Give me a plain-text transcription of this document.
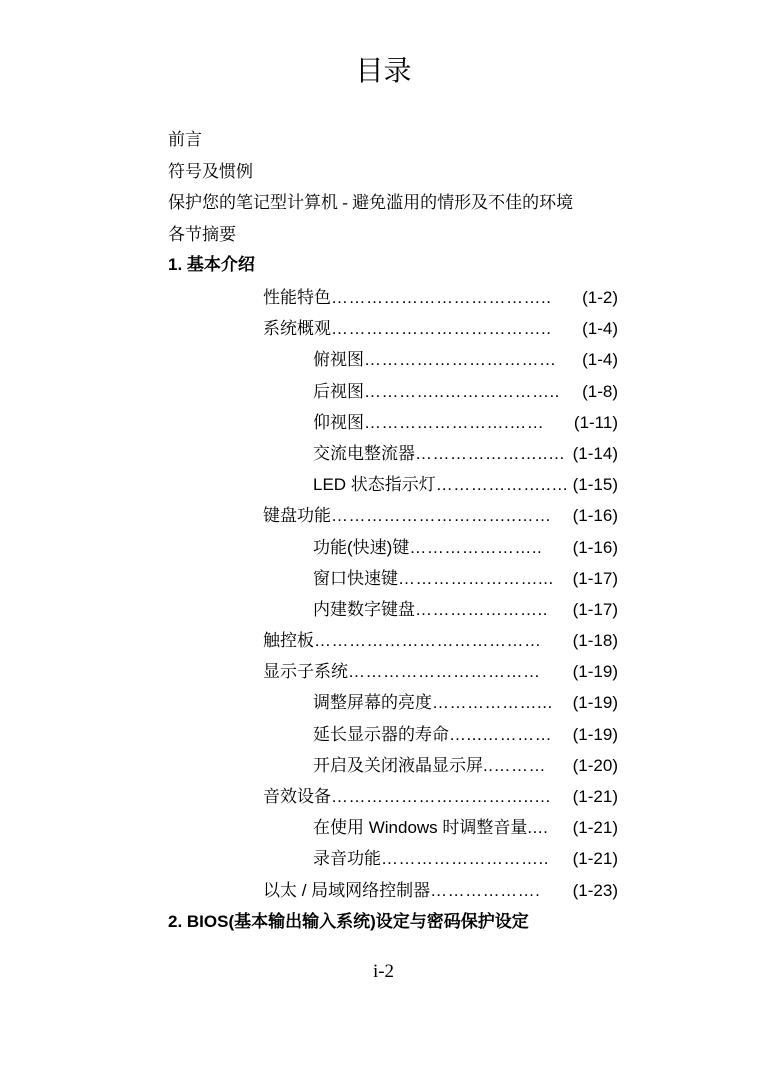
目录
前言
符号及惯例
保护您的笔记型计算机 - 避免滥用的情形及不佳的环境
各节摘要
1. 基本介绍
性能特色 ………………………………..	(1-2)
系统概观 ………………………………..	(1-4)
俯视图 ……………………………	(1-4)
后视图 …………..………………..	(1-8)
仰视图 …………………….……	(1-11)
交流电整流器 …………………..… (1-14)
LED 状态指示灯 ………………..… (1-15)
键盘功能 …………………………..……	(1-16)
功能(快速)键 …………………..	(1-16)
窗口快速键 ……………………...	(1-17)
内建数字键盘 …………………..	(1-17)
触控板 …………………………………	(1-18)
显示子系统 ……………………………	(1-19)
调整屏幕的亮度 ………………...	(1-19)
延长显示器的寿命 …...…………	(1-19)
开启及关闭液晶显示屏 ..………	(1-20)
音效设备 ……………………………..…	(1-21)
在使用 Windows 时调整音量 ....	(1-21)
录音功能 ………………………..	(1-21)
以太 / 局域网络控制器 ……………….	(1-23)
2. BIOS(基本输出输入系统)设定与密码保护设定
i-2
